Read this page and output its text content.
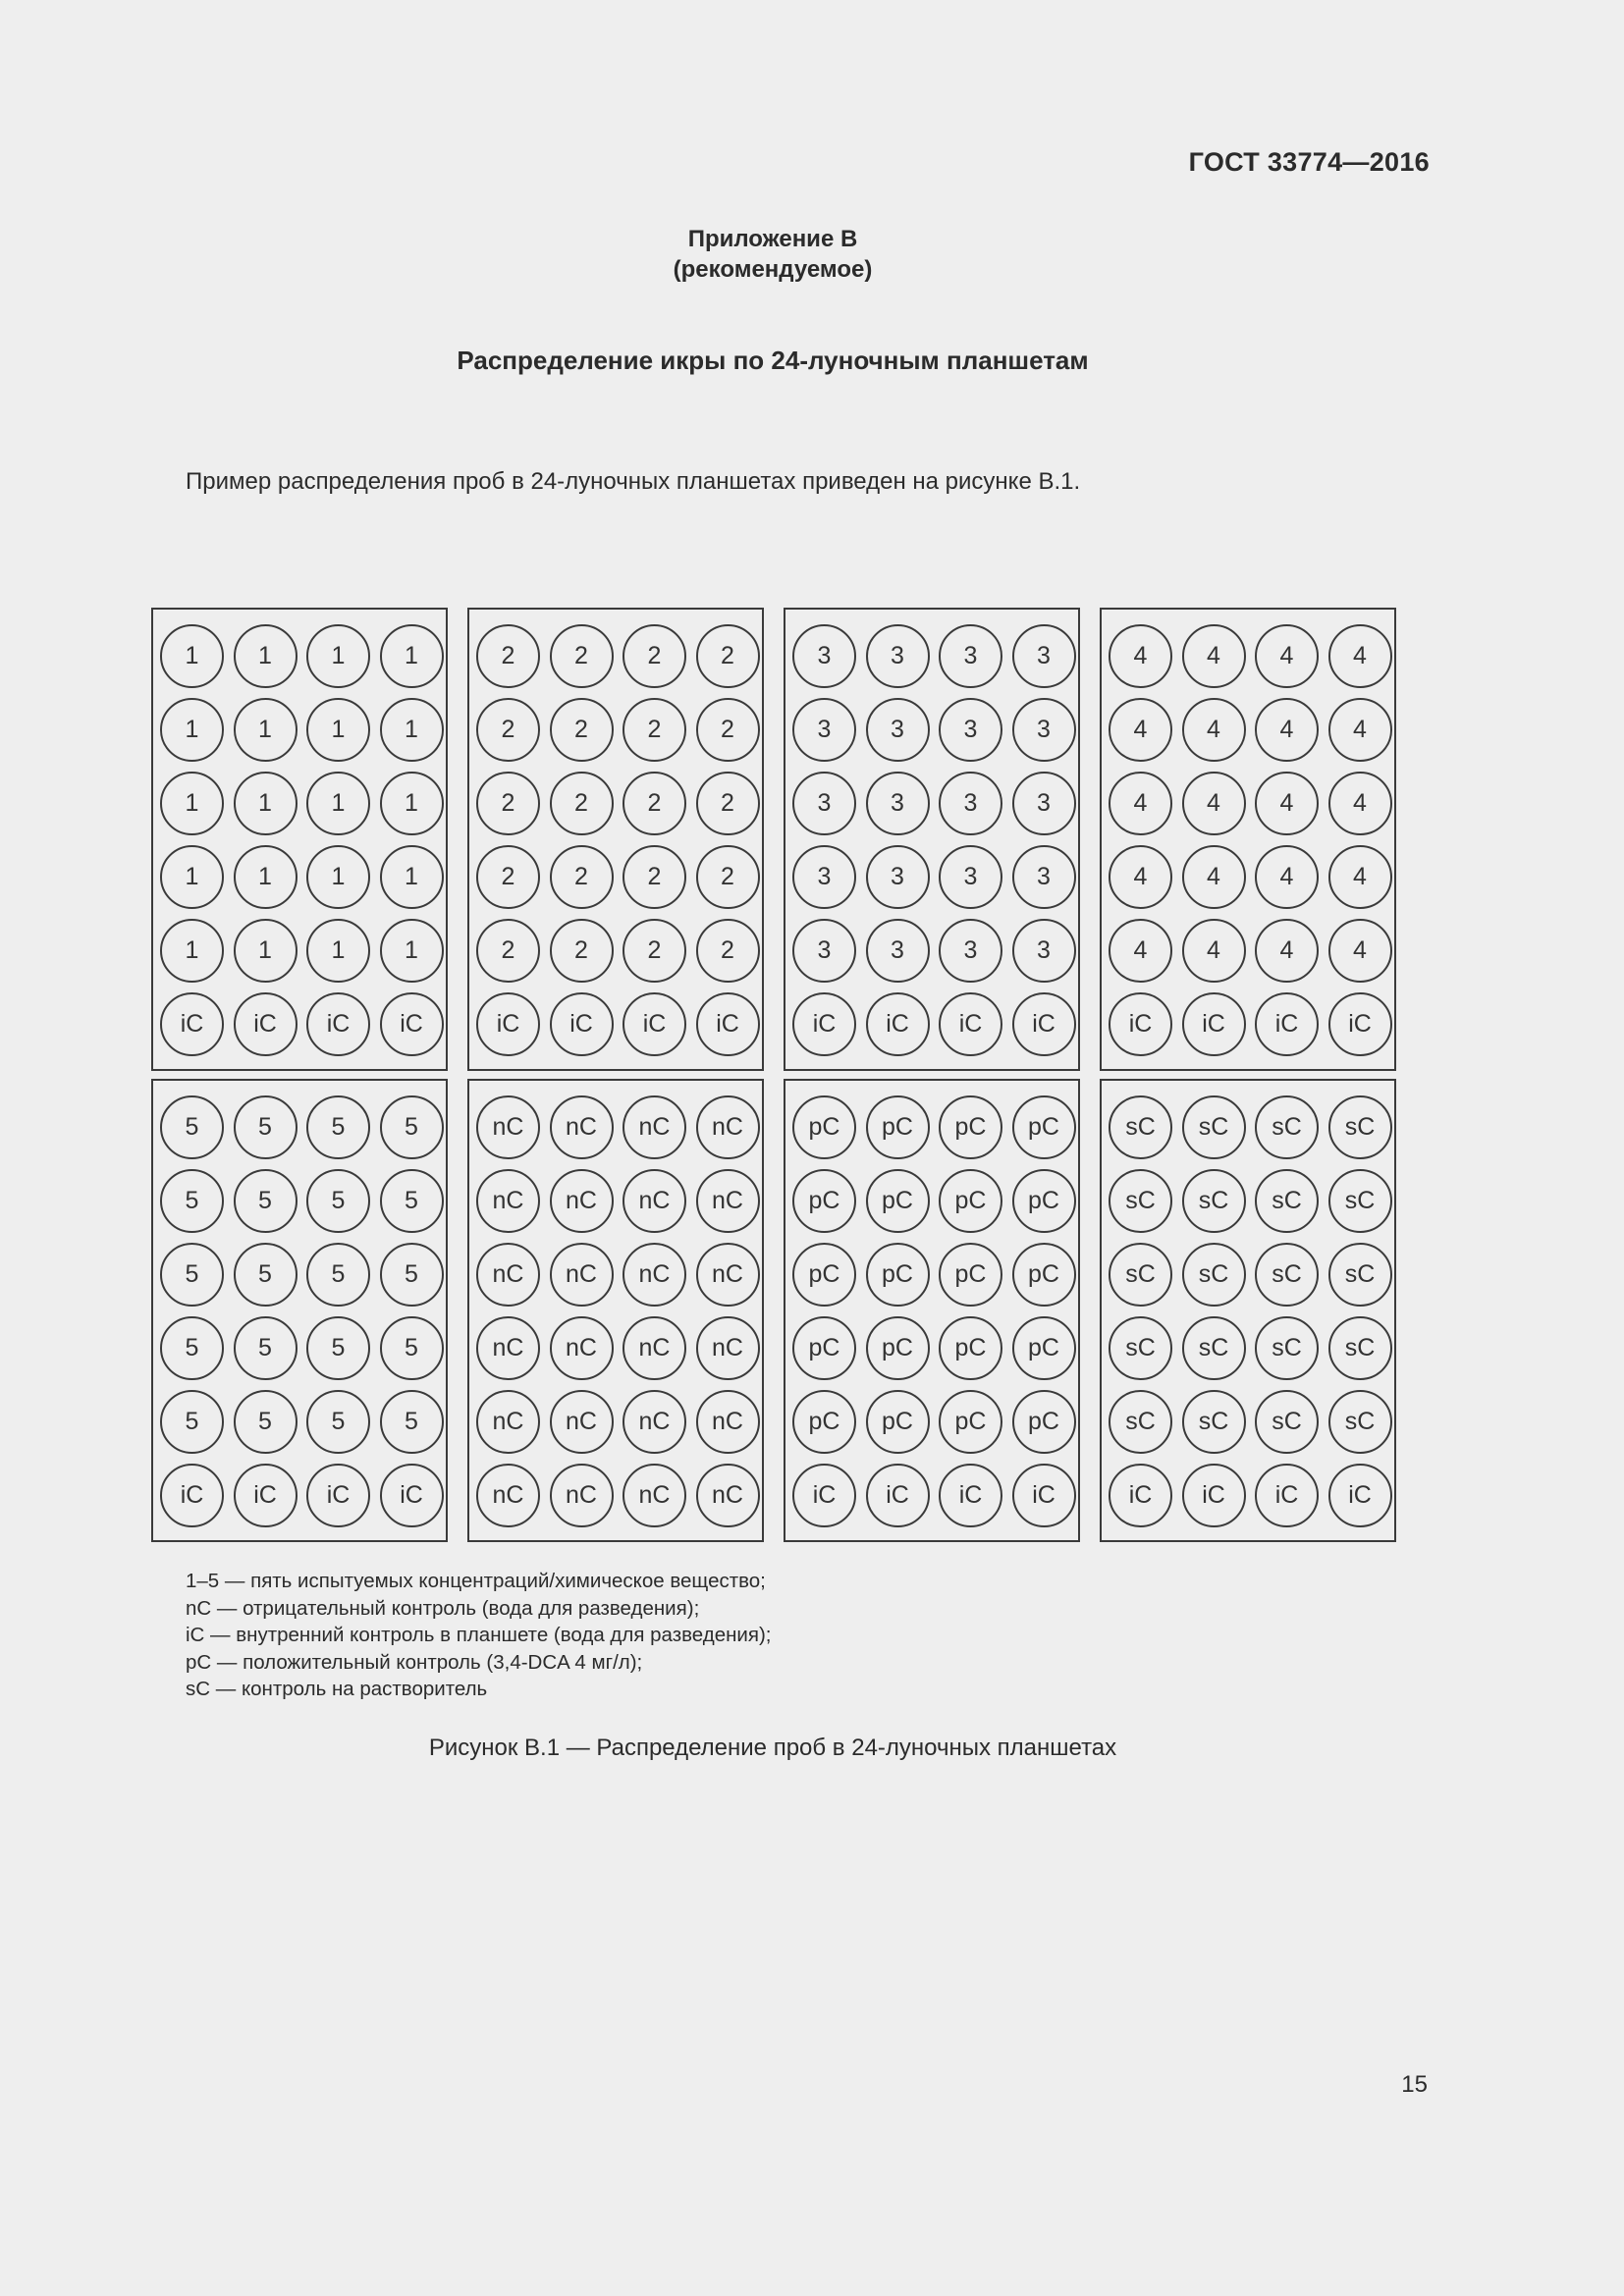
ГОСТ 33774—2016
Приложение В
(рекомендуемое)
Распределение икры по 24-луночным планшетам
Пример распределения проб в 24-луночных планшетах приведен на рисунке В.1.
1	1	1	1
1	1	1	1
1	1	1	1
1	1	1	1
1	1	1	1
iC	iC	iC	iC
2	2	2	2
2	2	2	2
2	2	2	2
2	2	2	2
2	2	2	2
iC	iC	iC	iC
3	3	3	3
3	3	3	3
3	3	3	3
3	3	3	3
3	3	3	3
iC	iC	iC	iC
4	4	4	4
4	4	4	4
4	4	4	4
4	4	4	4
4	4	4	4
iC	iC	iC	iC
5	5	5	5
5	5	5	5
5	5	5	5
5	5	5	5
5	5	5	5
iC	iC	iC	iC
nC	nC	nC	nC
nC	nC	nC	nC
nC	nC	nC	nC
nC	nC	nC	nC
nC	nC	nC	nC
nC	nC	nC	nC
pC	pC	pC	pC
pC	pC	pC	pC
pC	pC	pC	pC
pC	pC	pC	pC
pC	pC	pC	pC
iC	iC	iC	iC
sC	sC	sC	sC
sC	sC	sC	sC
sC	sC	sC	sC
sC	sC	sC	sC
sC	sC	sC	sC
iC	iC	iC	iC
1–5 — пять испытуемых концентраций/химическое вещество;
nC — отрицательный контроль (вода для разведения);
iC — внутренний контроль в планшете (вода для разведения);
pC — положительный контроль (3,4-DCA 4 мг/л);
sC — контроль на растворитель
Рисунок В.1 — Распределение проб в 24-луночных планшетах
15
